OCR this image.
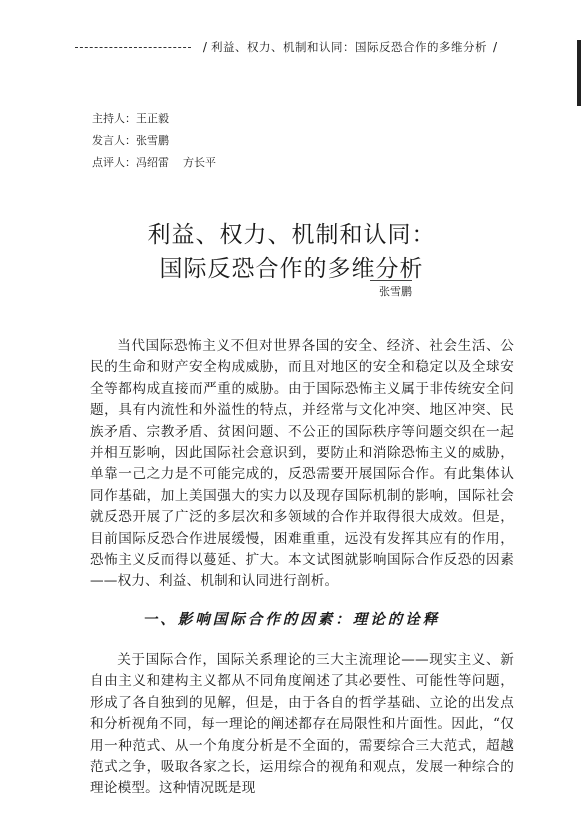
/ 利益、权力、机制和认同：国际反恐合作的多维分析 /
主持人：王正毅
发言人：张雪鹏
点评人：冯绍雷 方长平
利益、权力、机制和认同：
国际反恐合作的多维分析
张雪鹏

当代国际恐怖主义不但对世界各国的安全、经济、社会生活、公民的生命和财产安全构成威胁，而且对地区的安全和稳定以及全球安全等都构成直接而严重的威胁。由于国际恐怖主义属于非传统安全问题，具有内流性和外溢性的特点，并经常与文化冲突、地区冲突、民族矛盾、宗教矛盾、贫困问题、不公正的国际秩序等问题交织在一起并相互影响，因此国际社会意识到，要防止和消除恐怖主义的威胁，单靠一己之力是不可能完成的，反恐需要开展国际合作。有此集体认同作基础，加上美国强大的实力以及现存国际机制的影响，国际社会就反恐开展了广泛的多层次和多领域的合作并取得很大成效。但是，目前国际反恐合作进展缓慢，困难重重，远没有发挥其应有的作用，恐怖主义反而得以蔓延、扩大。本文试图就影响国际合作反恐的因素——权力、利益、机制和认同进行剖析。

一、影响国际合作的因素：理论的诠释

关于国际合作，国际关系理论的三大主流理论——现实主义、新自由主义和建构主义都从不同角度阐述了其必要性、可能性等问题，形成了各自独到的见解，但是，由于各自的哲学基础、立论的出发点和分析视角不同，每一理论的阐述都存在局限性和片面性。因此，“仅用一种范式、从一个角度分析是不全面的，需要综合三大范式，超越范式之争，吸取各家之长，运用综合的视角和观点，发展一种综合的理论模型。这种情况既是现
